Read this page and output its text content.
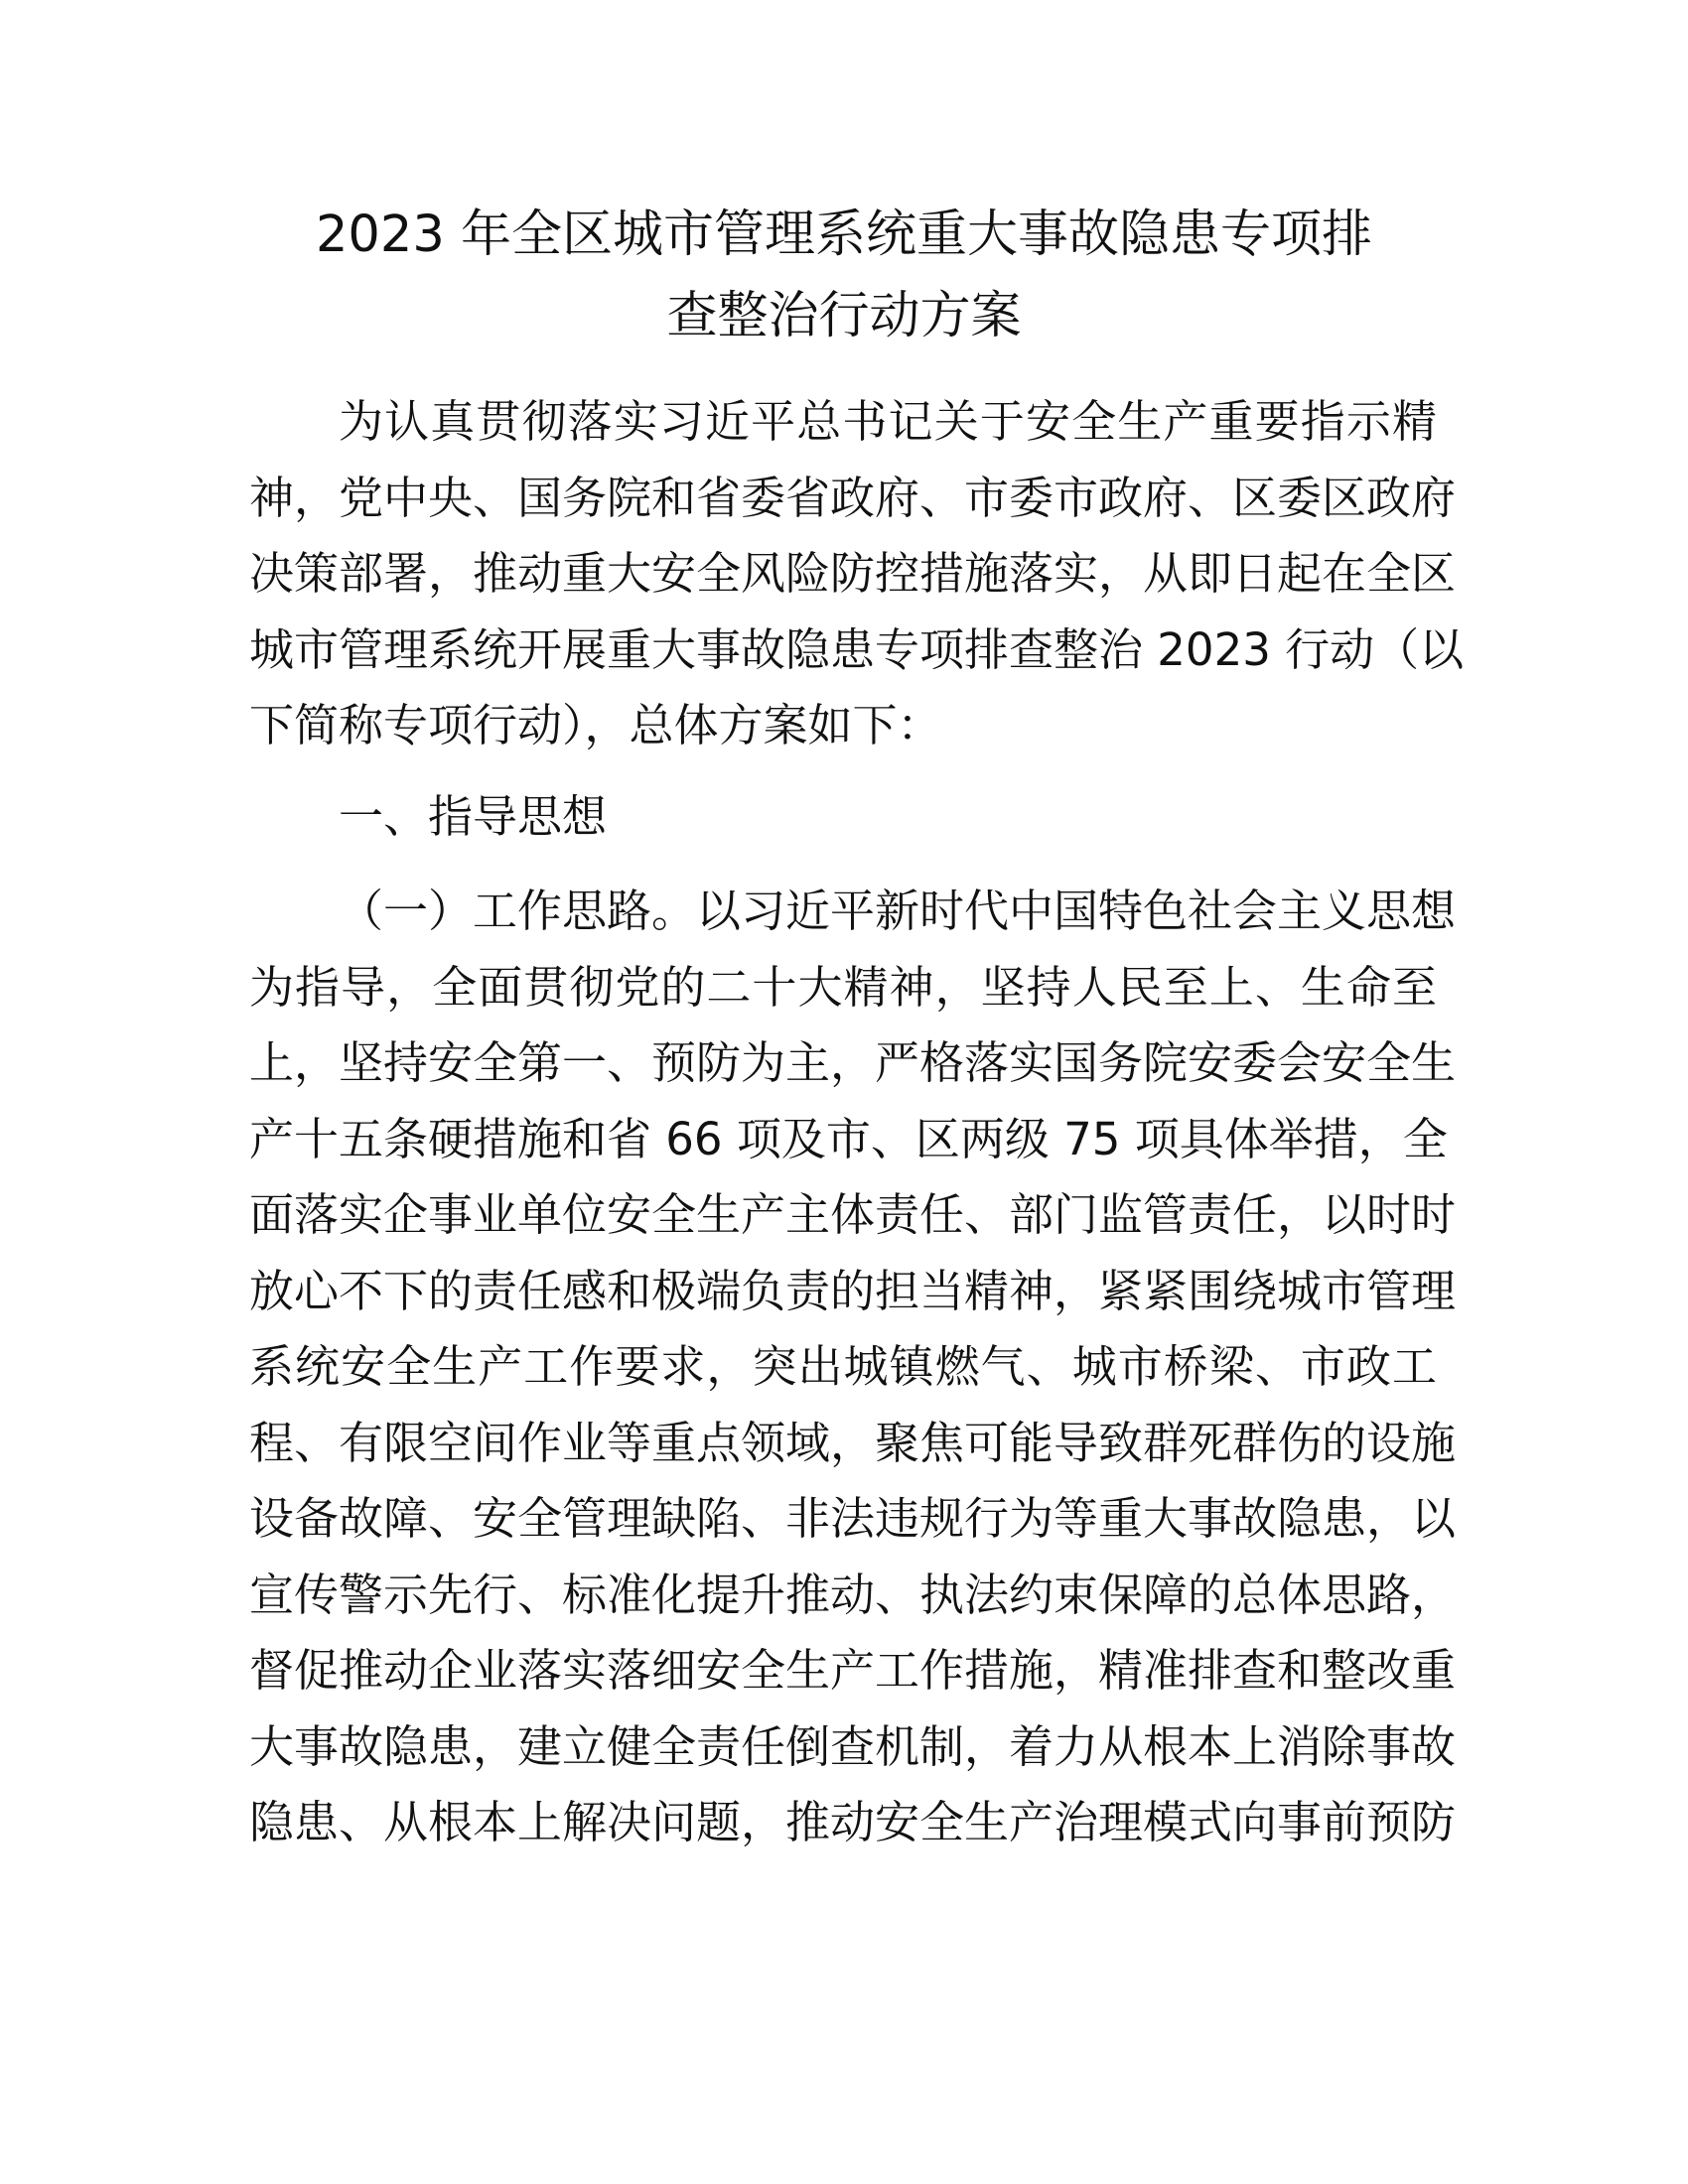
2023 年全区城市管理系统重大事故隐患专项排
查整治行动方案
为认真贯彻落实习近平总书记关于安全生产重要指示精
神，党中央、国务院和省委省政府、市委市政府、区委区政府
决策部署，推动重大安全风险防控措施落实，从即日起在全区
城市管理系统开展重大事故隐患专项排查整治 2023 行动（以
下简称专项行动），总体方案如下：
一、指导思想
（一）工作思路。以习近平新时代中国特色社会主义思想
为指导，全面贯彻党的二十大精神，坚持人民至上、生命至
上，坚持安全第一、预防为主，严格落实国务院安委会安全生
产十五条硬措施和省 66 项及市、区两级 75 项具体举措，全
面落实企事业单位安全生产主体责任、部门监管责任，以时时
放心不下的责任感和极端负责的担当精神，紧紧围绕城市管理
系统安全生产工作要求，突出城镇燃气、城市桥梁、市政工
程、有限空间作业等重点领域，聚焦可能导致群死群伤的设施
设备故障、安全管理缺陷、非法违规行为等重大事故隐患，以
宣传警示先行、标准化提升推动、执法约束保障的总体思路，
督促推动企业落实落细安全生产工作措施，精准排查和整改重
大事故隐患，建立健全责任倒查机制，着力从根本上消除事故
隐患、从根本上解决问题，推动安全生产治理模式向事前预防
